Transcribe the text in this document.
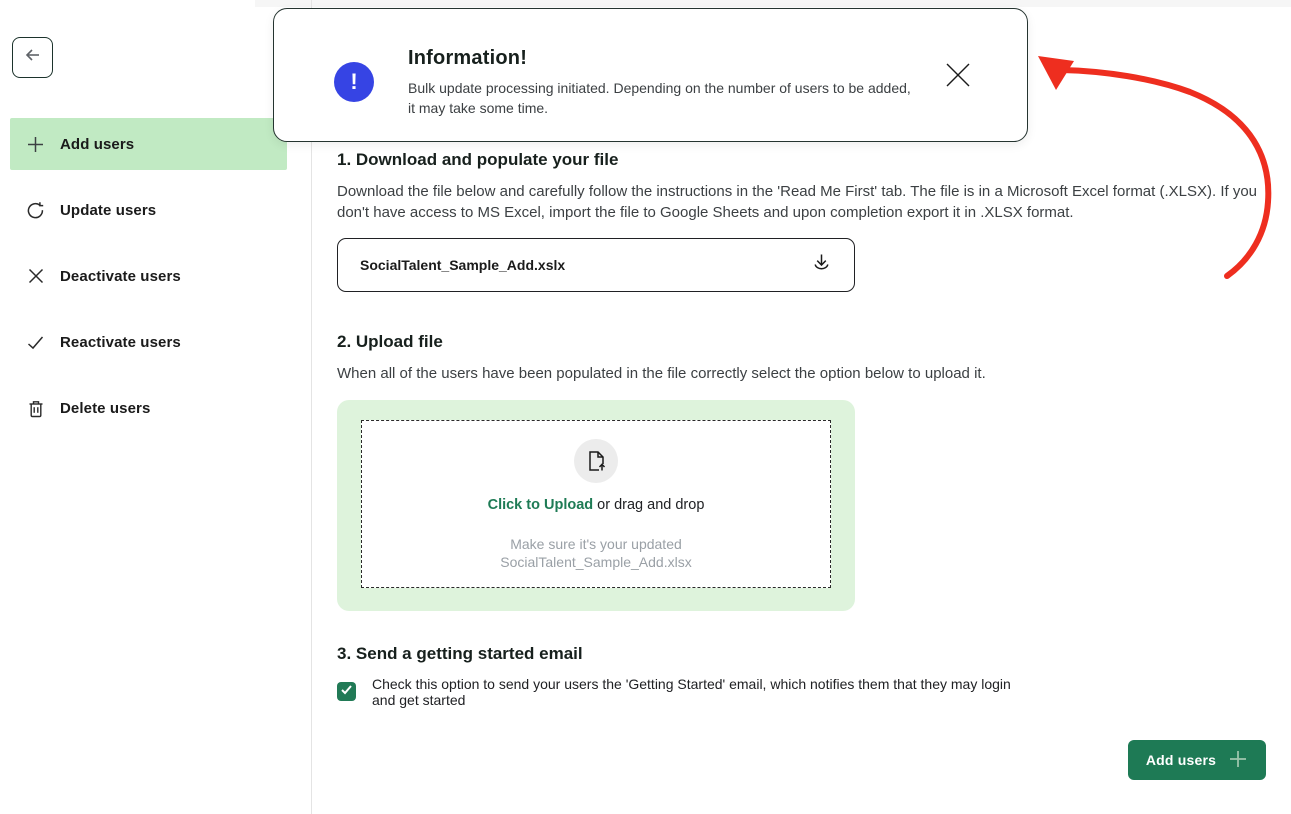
Add users
Update users
Deactivate users
Reactivate users
Delete users
!
Information!
Bulk update processing initiated. Depending on the number of users to be added, it may take some time.
1. Download and populate your file
Download the file below and carefully follow the instructions in the 'Read Me First' tab. The file is in a Microsoft Excel format (.XLSX). If you don't have access to MS Excel, import the file to Google Sheets and upon completion export it in .XLSX format.
SocialTalent_Sample_Add.xslx
2. Upload file
When all of the users have been populated in the file correctly select the option below to upload it.
Click to Upload or drag and drop
Make sure it's your updated
SocialTalent_Sample_Add.xlsx
3. Send a getting started email
Check this option to send your users the 'Getting Started' email, which notifies them that they may login and get started
Add users
